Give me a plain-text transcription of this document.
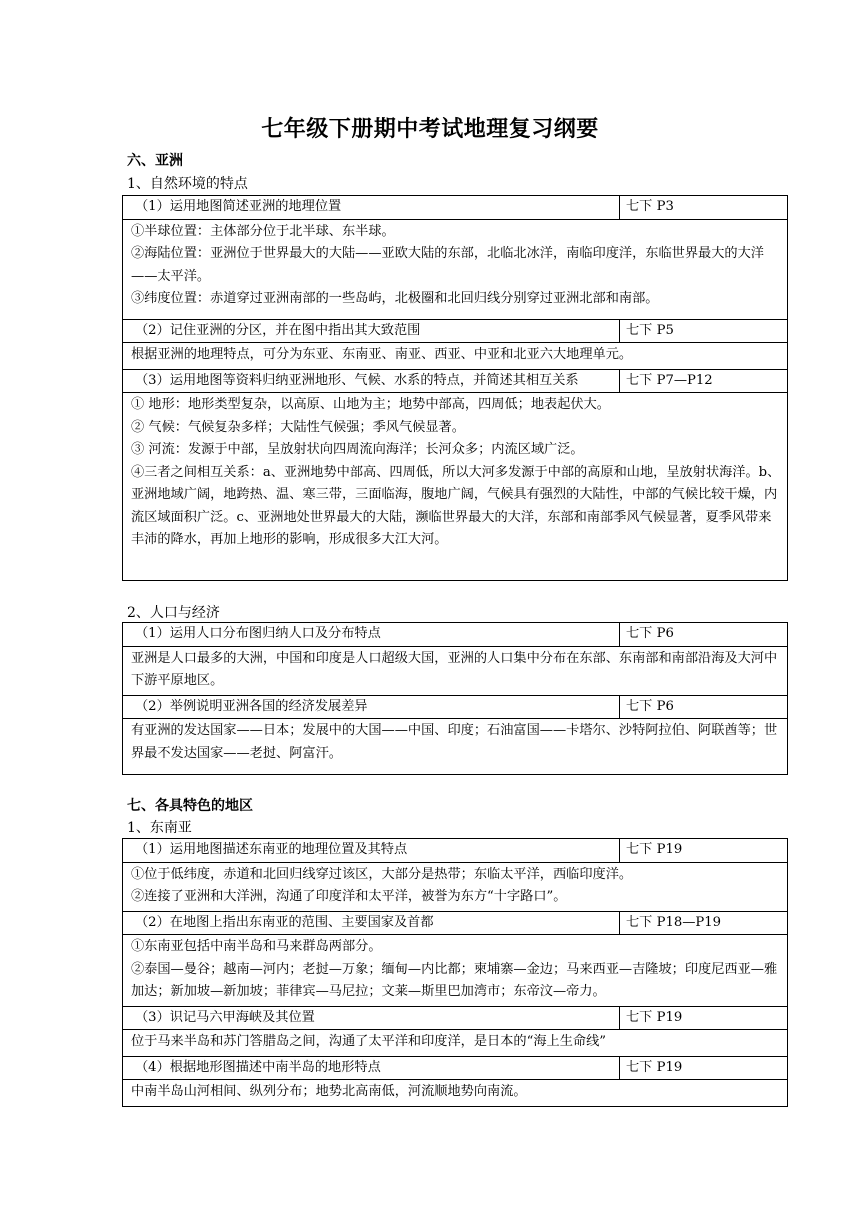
七年级下册期中考试地理复习纲要
六、亚洲
1、自然环境的特点
（1）运用地图简述亚洲的地理位置	七下 P3

①半球位置：主体部分位于北半球、东半球。

②海陆位置：亚洲位于世界最大的大陆——亚欧大陆的东部，北临北冰洋，南临印度洋，东临世界最大的大洋——太平洋。

③纬度位置：赤道穿过亚洲南部的一些岛屿，北极圈和北回归线分别穿过亚洲北部和南部。	

（2）记住亚洲的分区，并在图中指出其大致范围	七下 P5

根据亚洲的地理特点，可分为东亚、东南亚、南亚、西亚、中亚和北亚六大地理单元。	

（3）运用地图等资料归纳亚洲地形、气候、水系的特点，并简述其相互关系	七下 P7—P12

① 地形：地形类型复杂，以高原、山地为主；地势中部高，四周低；地表起伏大。

② 气候：气候复杂多样；大陆性气候强；季风气候显著。

③ 河流：发源于中部，呈放射状向四周流向海洋；长河众多；内流区域广泛。

④三者之间相互关系：a、亚洲地势中部高、四周低，所以大河多发源于中部的高原和山地，呈放射状海洋。b、亚洲地域广阔，地跨热、温、寒三带，三面临海，腹地广阔，气候具有强烈的大陆性，中部的气候比较干燥，内流区域面积广泛。c、亚洲地处世界最大的大陆，濒临世界最大的大洋，东部和南部季风气候显著，夏季风带来丰沛的降水，再加上地形的影响，形成很多大江大河。	

2、人口与经济
（1）运用人口分布图归纳人口及分布特点	七下 P6

亚洲是人口最多的大洲，中国和印度是人口超级大国，亚洲的人口集中分布在东部、东南部和南部沿海及大河中下游平原地区。	

（2）举例说明亚洲各国的经济发展差异	七下 P6

有亚洲的发达国家——日本；发展中的大国——中国、印度；石油富国——卡塔尔、沙特阿拉伯、阿联酋等；世界最不发达国家——老挝、阿富汗。	

七、各具特色的地区
1、东南亚
（1）运用地图描述东南亚的地理位置及其特点	七下 P19

①位于低纬度，赤道和北回归线穿过该区，大部分是热带；东临太平洋，西临印度洋。

②连接了亚洲和大洋洲，沟通了印度洋和太平洋，被誉为东方“十字路口”。	

（2）在地图上指出东南亚的范围、主要国家及首都	七下 P18—P19

①东南亚包括中南半岛和马来群岛两部分。

②泰国—曼谷；越南—河内；老挝—万象；缅甸—内比都；柬埔寨—金边；马来西亚—吉隆坡；印度尼西亚—雅加达；新加坡—新加坡；菲律宾—马尼拉；文莱—斯里巴加湾市；东帝汶—帝力。	

（3）识记马六甲海峡及其位置	七下 P19

位于马来半岛和苏门答腊岛之间，沟通了太平洋和印度洋，是日本的“海上生命线”	

（4）根据地形图描述中南半岛的地形特点	七下 P19

中南半岛山河相间、纵列分布；地势北高南低，河流顺地势向南流。	
